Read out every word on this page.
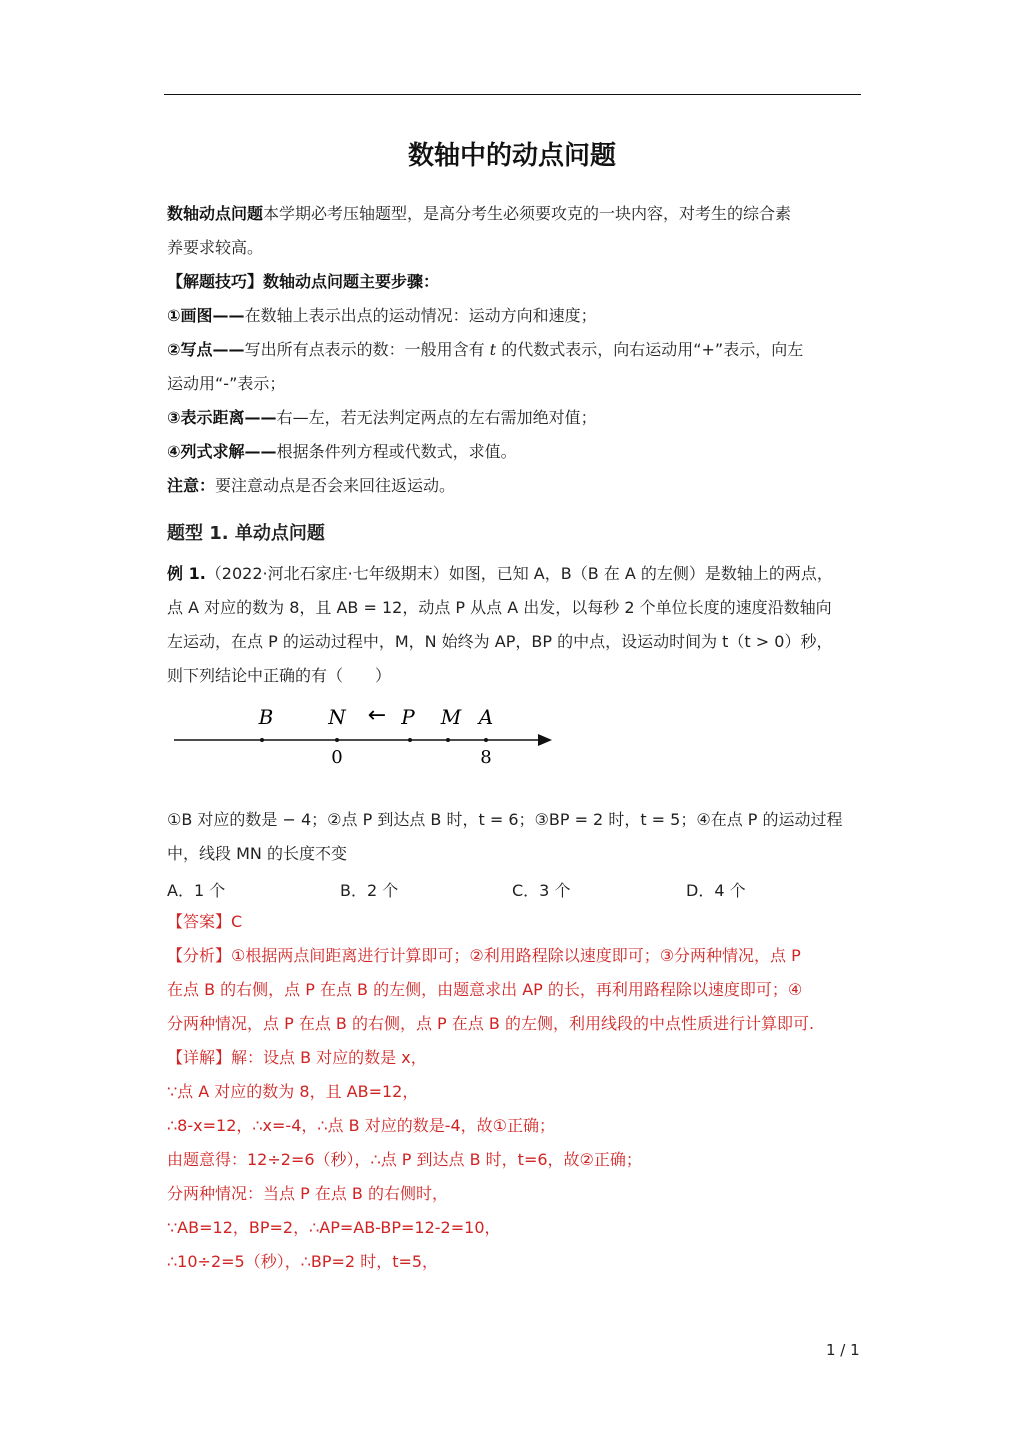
数轴中的动点问题
数轴动点问题本学期必考压轴题型，是高分考生必须要攻克的一块内容，对考生的综合素
养要求较高。
【解题技巧】数轴动点问题主要步骤：
①画图——在数轴上表示出点的运动情况：运动方向和速度；
②写点——写出所有点表示的数：一般用含有 t 的代数式表示，向右运动用“+”表示，向左
运动用“-”表示；
③表示距离——右—左，若无法判定两点的左右需加绝对值；
④列式求解——根据条件列方程或代数式，求值。
注意：要注意动点是否会来回往返运动。
题型 1. 单动点问题
例 1.（2022·河北石家庄·七年级期末）如图，已知 A，B（B 在 A 的左侧）是数轴上的两点，
点 A 对应的数为 8，且 AB = 12，动点 P 从点 A 出发，以每秒 2 个单位长度的速度沿数轴向
左运动，在点 P 的运动过程中，M，N 始终为 AP，BP 的中点，设运动时间为 t（t > 0）秒，
则下列结论中正确的有（　　）
B	N ← P M A
0	8
①B 对应的数是 − 4；②点 P 到达点 B 时，t = 6；③BP = 2 时，t = 5；④在点 P 的运动过程
中，线段 MN 的长度不变
A．1 个	B．2 个	C．3 个	D．4 个
【答案】C
【分析】①根据两点间距离进行计算即可；②利用路程除以速度即可；③分两种情况，点 P
在点 B 的右侧，点 P 在点 B 的左侧，由题意求出 AP 的长，再利用路程除以速度即可；④
分两种情况，点 P 在点 B 的右侧，点 P 在点 B 的左侧，利用线段的中点性质进行计算即可.
【详解】解：设点 B 对应的数是 x，
∵点 A 对应的数为 8，且 AB=12，
∴8-x=12，∴x=-4，∴点 B 对应的数是-4，故①正确；
由题意得：12÷2=6（秒），∴点 P 到达点 B 时，t=6，故②正确；
分两种情况：当点 P 在点 B 的右侧时，
∵AB=12，BP=2，∴AP=AB-BP=12-2=10，
∴10÷2=5（秒），∴BP=2 时，t=5，
1 / 1
